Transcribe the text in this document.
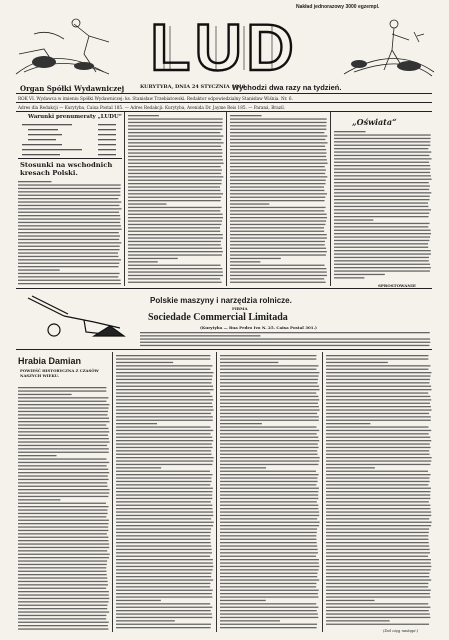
Nakład jednorazowy 3000 egzempl.
LUD
Organ Spółki Wydawniczej	KURYTYBA, DNIA 24 STYCZNIA 1918.
Wychodzi dwa razy na tydzień.
ROK VI. Wydawca w imieniu Spółki Wydawniczej: ks. Stanisław Trzebiatowski. Redaktor odpowiedzialny Stanisław Wiśnia. Nr. 6.
Adres dla Redakcji — Kurytyba, Caixa Postal 185. — Adres Redakcji: Kurytyba, Avenida Dr. Jayme Reis 185. — Paraná, Brazil.
Warunki prenumeraty „LUDU“
Stosunki na wschodnich kresach Polski.
„Oświata“
SPROSTOWANIE
Polskie maszyny i narzędzia rolnicze.
FIRMA
Sociedade Commercial Limitada
(Kurytyba — Rua Pedro Ivo N. 25. Caixa Postal 301.)
Hrabia Damian
POWIEŚĆ HISTORYCZNA Z CZASÓW NASZYCH WIEKU.
(Dal ciąg nastąpi.)
